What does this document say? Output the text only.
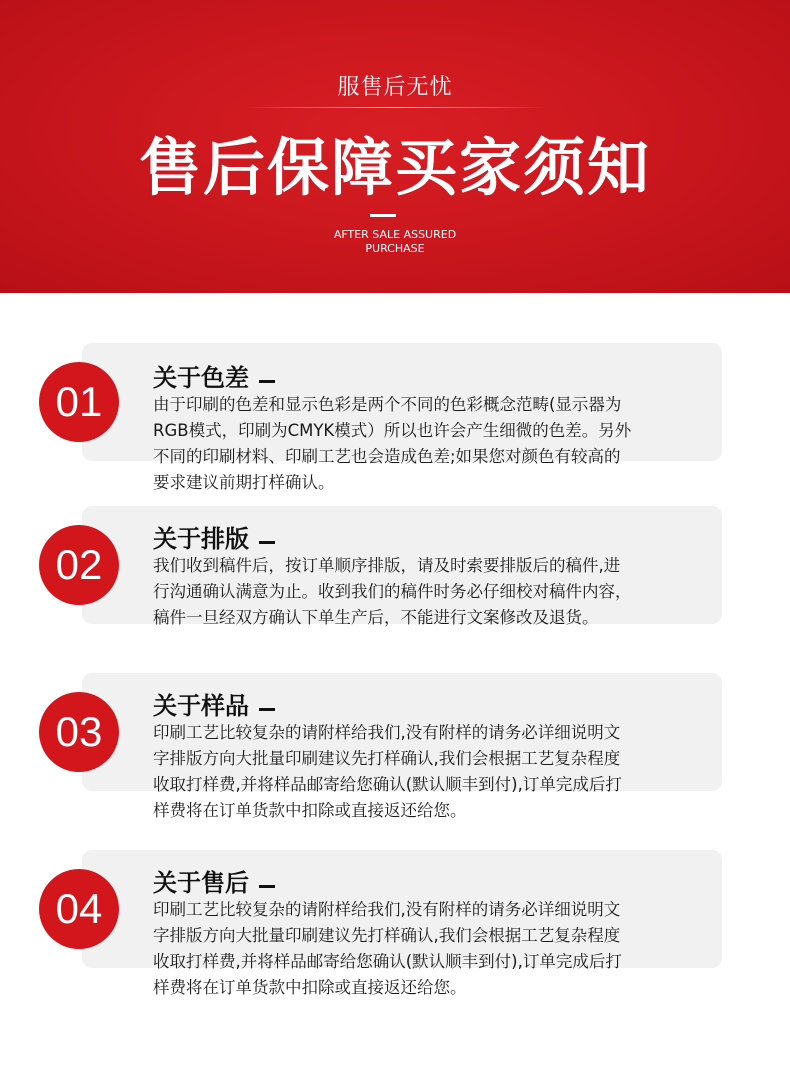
服售后无忧
售后保障买家须知
AFTER SALE ASSURED
PURCHASE
01	关于色差

由于印刷的色差和显示色彩是两个不同的色彩概念范畴(显示器为

RGB模式，印刷为CMYK模式）所以也许会产生细微的色差。另外

不同的印刷材料、印刷工艺也会造成色差;如果您对颜色有较高的

要求建议前期打样确认。

02
关于排版

我们收到稿件后，按订单顺序排版，请及时索要排版后的稿件,进

行沟通确认满意为止。收到我们的稿件时务必仔细校对稿件内容，

稿件一旦经双方确认下单生产后，不能进行文案修改及退货。

03
关于样品

印刷工艺比较复杂的请附样给我们,没有附样的请务必详细说明文

字排版方向大批量印刷建议先打样确认,我们会根据工艺复杂程度

收取打样费,并将样品邮寄给您确认(默认顺丰到付),订单完成后打

样费将在订单货款中扣除或直接返还给您。

04
关于售后

印刷工艺比较复杂的请附样给我们,没有附样的请务必详细说明文

字排版方向大批量印刷建议先打样确认,我们会根据工艺复杂程度

收取打样费,并将样品邮寄给您确认(默认顺丰到付),订单完成后打

样费将在订单货款中扣除或直接返还给您。
